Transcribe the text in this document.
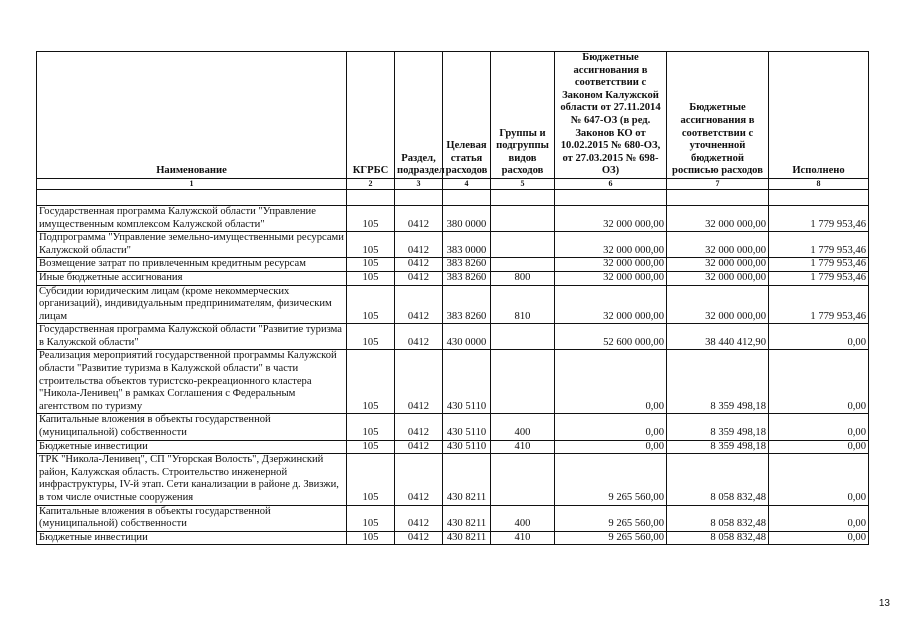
Наименование	КГРБС	Раздел, подраздел	Целевая статья расходов	Группы и подгруппы видов расходов	Бюджетные ассигнования в соответствии с Законом Калужской области от 27.11.2014 № 647-ОЗ (в ред. Законов КО от 10.02.2015 № 680-ОЗ, от 27.03.2015 № 698-ОЗ)	Бюджетные ассигнования в соответствии с уточненной бюджетной росписью расходов	Исполнено
1	2	3	4	5	6	7	8

Государственная программа Калужской области "Управление имущественным комплексом Калужской области"	105	0412	380 0000		32 000 000,00	32 000 000,00	1 779 953,46
Подпрограмма "Управление земельно-имущественными ресурсами Калужской области"	105	0412	383 0000		32 000 000,00	32 000 000,00	1 779 953,46
Возмещение затрат по привлеченным кредитным ресурсам	105	0412	383 8260		32 000 000,00	32 000 000,00	1 779 953,46
Иные бюджетные ассигнования	105	0412	383 8260	800	32 000 000,00	32 000 000,00	1 779 953,46
Субсидии юридическим лицам (кроме некоммерческих организаций), индивидуальным предпринимателям, физическим лицам	105	0412	383 8260	810	32 000 000,00	32 000 000,00	1 779 953,46
Государственная программа Калужской области "Развитие туризма в Калужской области"	105	0412	430 0000		52 600 000,00	38 440 412,90	0,00
Реализация мероприятий государственной программы Калужской области "Развитие туризма в Калужской области" в части строительства объектов туристско-рекреационного кластера "Никола-Ленивец" в рамках Соглашения с Федеральным агентством по туризму	105	0412	430 5110		0,00	8 359 498,18	0,00
Капитальные вложения в объекты государственной (муниципальной) собственности	105	0412	430 5110	400	0,00	8 359 498,18	0,00
Бюджетные инвестиции	105	0412	430 5110	410	0,00	8 359 498,18	0,00
ТРК "Никола-Ленивец", СП "Угорская Волость", Дзержинский район, Калужская область. Строительство инженерной инфраструктуры, IV-й этап. Сети канализации в районе д. Звизжи, в том числе очистные сооружения	105	0412	430 8211		9 265 560,00	8 058 832,48	0,00
Капитальные вложения в объекты государственной (муниципальной) собственности	105	0412	430 8211	400	9 265 560,00	8 058 832,48	0,00
Бюджетные инвестиции	105	0412	430 8211	410	9 265 560,00	8 058 832,48	0,00
13
